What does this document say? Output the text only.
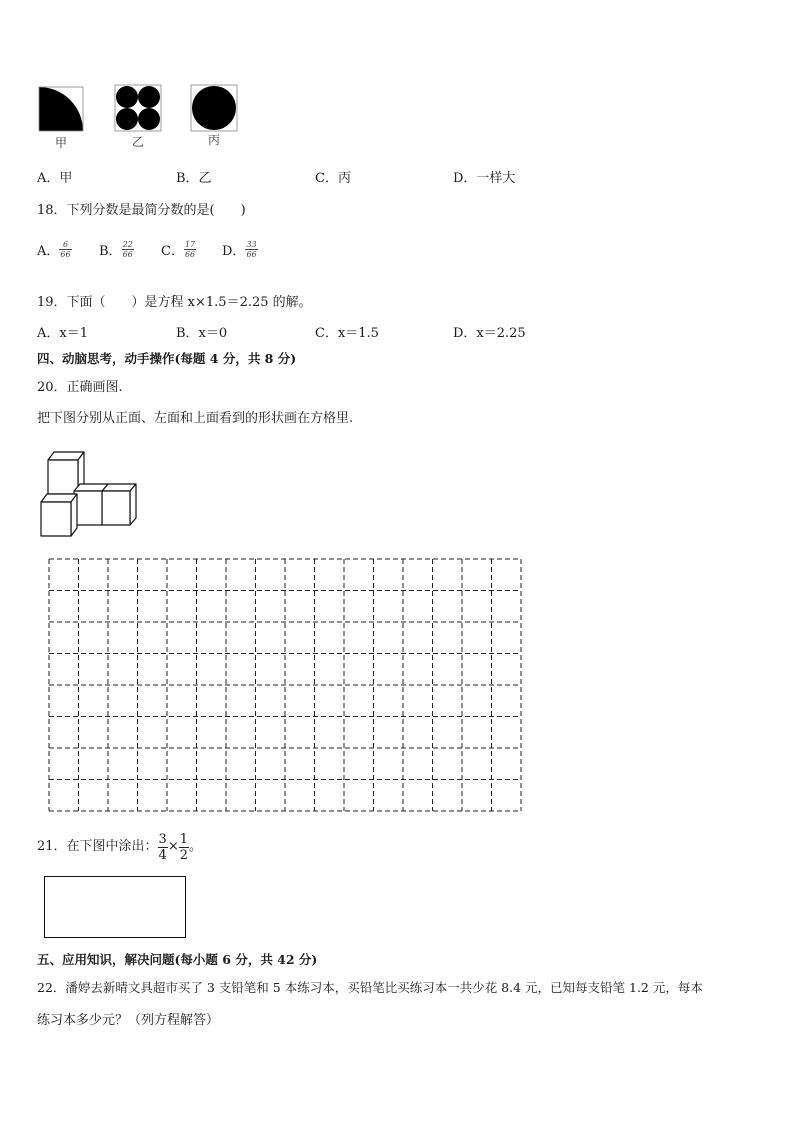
甲	乙	丙
A．甲	B．乙	C．丙	D．一样大
18．下列分数是最简分数的是(　　)
A． $\frac{6}{66}$ B． $\frac{22}{66}$ C． $\frac{17}{66}$ D． $\frac{33}{66}$
19．下面（　　）是方程 x×1.5＝2.25 的解。
A．x＝1	B．x＝0	C．x＝1.5	D．x＝2.25
四、动脑思考，动手操作(每题 4 分，共 8 分)
20．正确画图.
把下图分别从正面、左面和上面看到的形状画在方格里.
21．在下图中涂出： $\frac{3}{4} \times \frac{1}{2}$ 。
五、应用知识，解决问题(每小题 6 分，共 42 分)
22．潘婷去新晴文具超市买了 3 支铅笔和 5 本练习本，买铅笔比买练习本一共少花 8.4 元，已知每支铅笔 1.2 元，每本
练习本多少元？（列方程解答）
